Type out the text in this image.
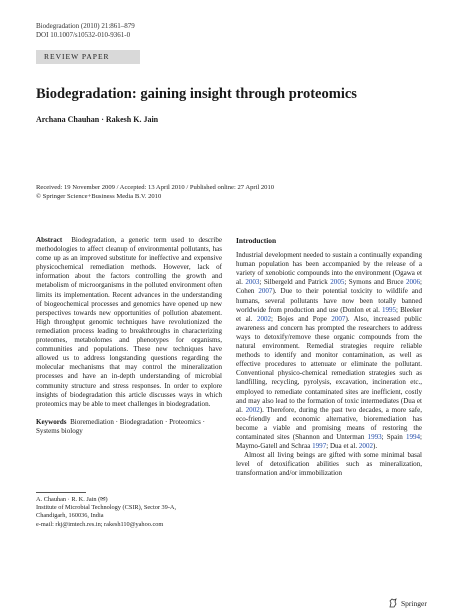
Biodegradation (2010) 21:861–879
DOI 10.1007/s10532-010-9361-0
REVIEW PAPER
Biodegradation: gaining insight through proteomics
Archana Chauhan · Rakesh K. Jain
Received: 19 November 2009 / Accepted: 13 April 2010 / Published online: 27 April 2010
© Springer Science+Business Media B.V. 2010

Abstract Biodegradation, a generic term used to describe methodologies to affect cleanup of environmental pollutants, has come up as an improved substitute for ineffective and expensive physicochemical remediation methods. However, lack of information about the factors controlling the growth and metabolism of microorganisms in the polluted environment often limits its implementation. Recent advances in the understanding of biogeochemical processes and genomics have opened up new perspectives towards new opportunities of pollution abatement. High throughput genomic techniques have revolutionized the remediation process leading to breakthroughs in characterizing proteomes, metabolomes and phenotypes for organisms, communities and populations. These new techniques have allowed us to address longstanding questions regarding the molecular mechanisms that may control the mineralization processes and have an in-depth understanding of microbial community structure and stress responses. In order to explore insights of biodegradation this article discusses ways in which proteomics may be able to meet challenges in biodegradation.

Keywords Bioremediation · Biodegradation · Proteomics · Systems biology

A. Chauhan · R. K. Jain (✉)
Institute of Microbial Technology (CSIR), Sector 39-A,
Chandigarh, 160036, India
e-mail: rkj@imtech.res.in; rakesh110@yahoo.com

Introduction

Industrial development needed to sustain a continually expanding human population has been accompanied by the release of a variety of xenobiotic compounds into the environment (Ogawa et al. 2003; Silbergeld and Patrick 2005; Symons and Bruce 2006; Cohen 2007). Due to their potential toxicity to wildlife and humans, several pollutants have now been totally banned worldwide from production and use (Donlon et al. 1995; Bleeker et al. 2002; Bojes and Pope 2007). Also, increased public awareness and concern has prompted the researchers to address ways to detoxify/remove these organic compounds from the natural environment. Remedial strategies require reliable methods to identify and monitor contamination, as well as effective procedures to attenuate or eliminate the pollutant. Conventional physico-chemical remediation strategies such as landfilling, recycling, pyrolysis, excavation, incineration etc., employed to remediate contaminated sites are inefficient, costly and may also lead to the formation of toxic intermediates (Dua et al. 2002). Therefore, during the past two decades, a more safe, eco-friendly and economic alternative, bioremediation has become a viable and promising means of restoring the contaminated sites (Shannon and Unterman 1993; Spain 1994; Maymo-Gatell and Schraa 1997; Dua et al. 2002).

Almost all living beings are gifted with some minimal basal level of detoxification abilities such as mineralization, transformation and/or immobilization

Springer
